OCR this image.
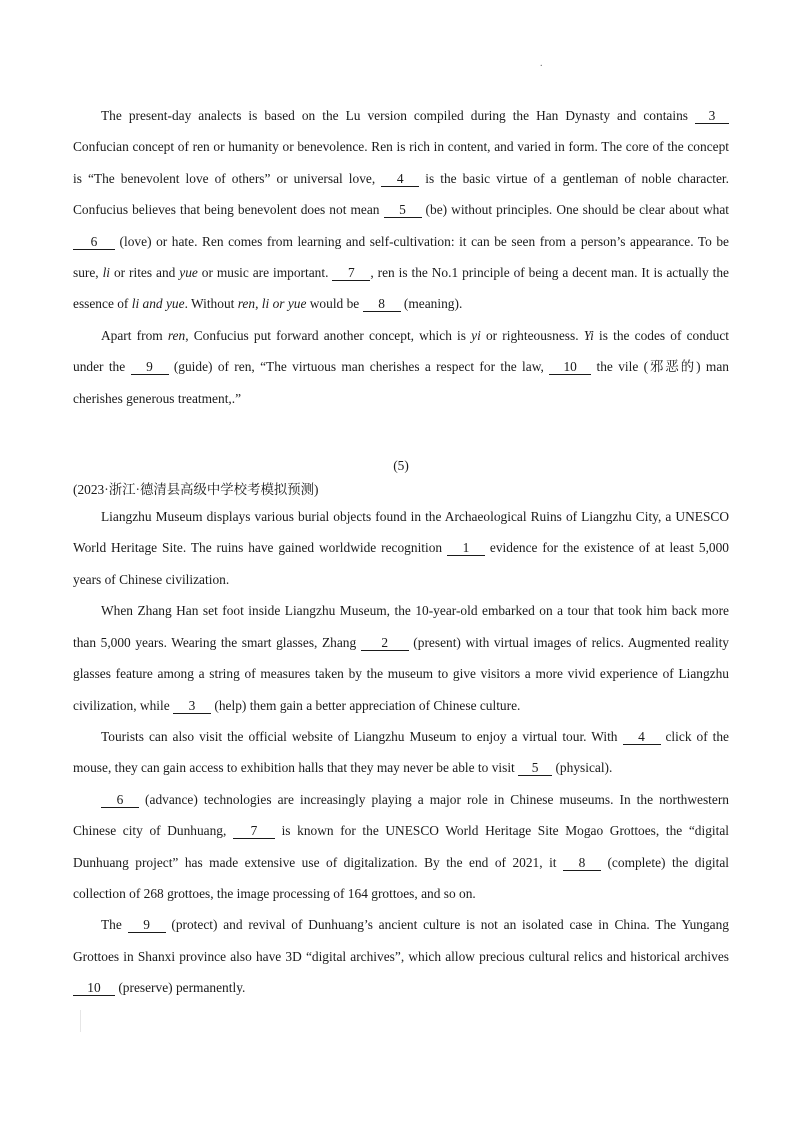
.

The present-day analects is based on the Lu version compiled during the Han Dynasty and contains 3 Confucian concept of ren or humanity or benevolence. Ren is rich in content, and varied in form. The core of the concept is “The benevolent love of others” or universal love, 4 is the basic virtue of a gentleman of noble character. Confucius believes that being benevolent does not mean 5 (be) without principles. One should be clear about what 6 (love) or hate. Ren comes from learning and self-cultivation: it can be seen from a person’s appearance. To be sure, li or rites and yue or music are important. 7 , ren is the No.1 principle of being a decent man. It is actually the essence of li and yue. Without ren, li or yue would be 8 (meaning).

Apart from ren, Confucius put forward another concept, which is yi or righteousness. Yi is the codes of conduct under the 9 (guide) of ren, “The virtuous man cherishes a respect for the law, 10 the vile (邪恶的) man cherishes generous treatment,.”

(5)

(2023·浙江·德清县高级中学校考模拟预测)

Liangzhu Museum displays various burial objects found in the Archaeological Ruins of Liangzhu City, a UNESCO World Heritage Site. The ruins have gained worldwide recognition 1 evidence for the existence of at least 5,000 years of Chinese civilization.

When Zhang Han set foot inside Liangzhu Museum, the 10-year-old embarked on a tour that took him back more than 5,000 years. Wearing the smart glasses, Zhang 2 (present) with virtual images of relics. Augmented reality glasses feature among a string of measures taken by the museum to give visitors a more vivid experience of Liangzhu civilization, while 3 (help) them gain a better appreciation of Chinese culture.

Tourists can also visit the official website of Liangzhu Museum to enjoy a virtual tour. With 4 click of the mouse, they can gain access to exhibition halls that they may never be able to visit 5 (physical).

6 (advance) technologies are increasingly playing a major role in Chinese museums. In the northwestern Chinese city of Dunhuang, 7 is known for the UNESCO World Heritage Site Mogao Grottoes, the “digital Dunhuang project” has made extensive use of digitalization. By the end of 2021, it 8 (complete) the digital collection of 268 grottoes, the image processing of 164 grottoes, and so on.

The 9 (protect) and revival of Dunhuang’s ancient culture is not an isolated case in China. The Yungang Grottoes in Shanxi province also have 3D “digital archives”, which allow precious cultural relics and historical archives 10 (preserve) permanently.
